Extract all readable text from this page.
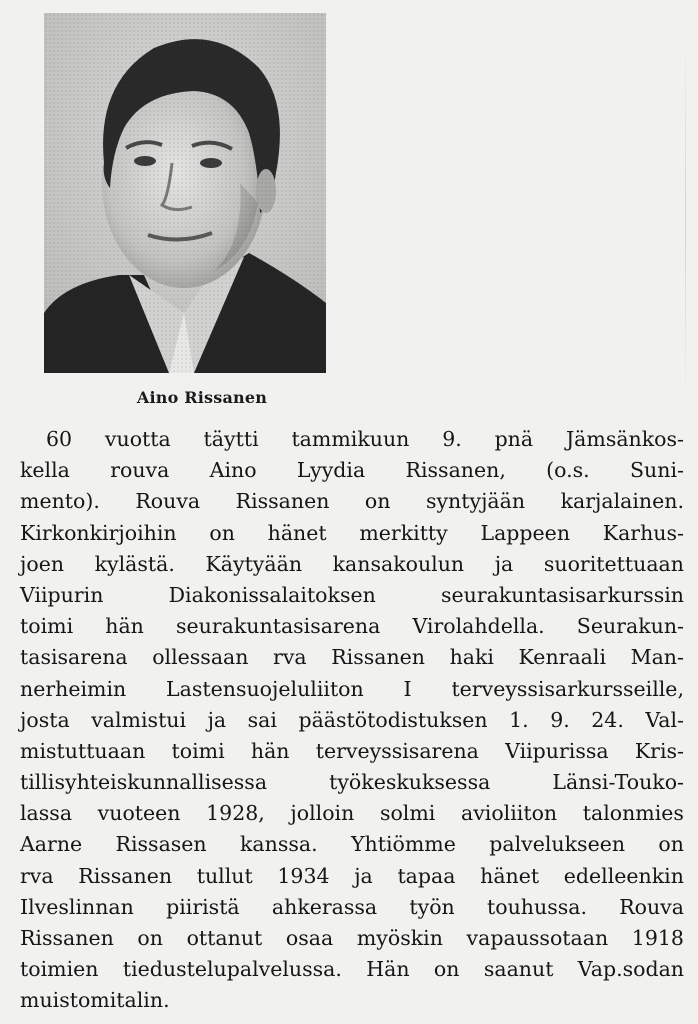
Aino Rissanen
60 vuotta täytti tammikuun 9. pnä Jämsänkos-
kella rouva Aino Lyydia Rissanen, (o.s. Suni-
mento). Rouva Rissanen on syntyjään karjalainen.
Kirkonkirjoihin on hänet merkitty Lappeen Karhus-
joen kylästä. Käytyään kansakoulun ja suoritettuaan
Viipurin	Diakonissalaitoksen	seurakuntasisarkurssin
toimi hän seurakuntasisarena Virolahdella. Seurakun-
tasisarena ollessaan rva Rissanen haki Kenraali Man-
nerheimin Lastensuojeluliiton I terveyssisarkursseille,
josta valmistui ja sai päästötodistuksen 1. 9. 24. Val-
mistuttuaan toimi hän terveyssisarena Viipurissa Kris-
tillisyhteiskunnallisessa	työkeskuksessa	Länsi-Touko-
lassa vuoteen 1928, jolloin solmi avioliiton talonmies
Aarne Rissasen kanssa. Yhtiömme palvelukseen on
rva Rissanen tullut 1934 ja tapaa hänet edelleenkin
Ilveslinnan piiristä ahkerassa työn touhussa. Rouva
Rissanen on ottanut osaa myöskin vapaussotaan 1918
toimien tiedustelupalvelussa. Hän on saanut Vap.sodan
muistomitalin.
